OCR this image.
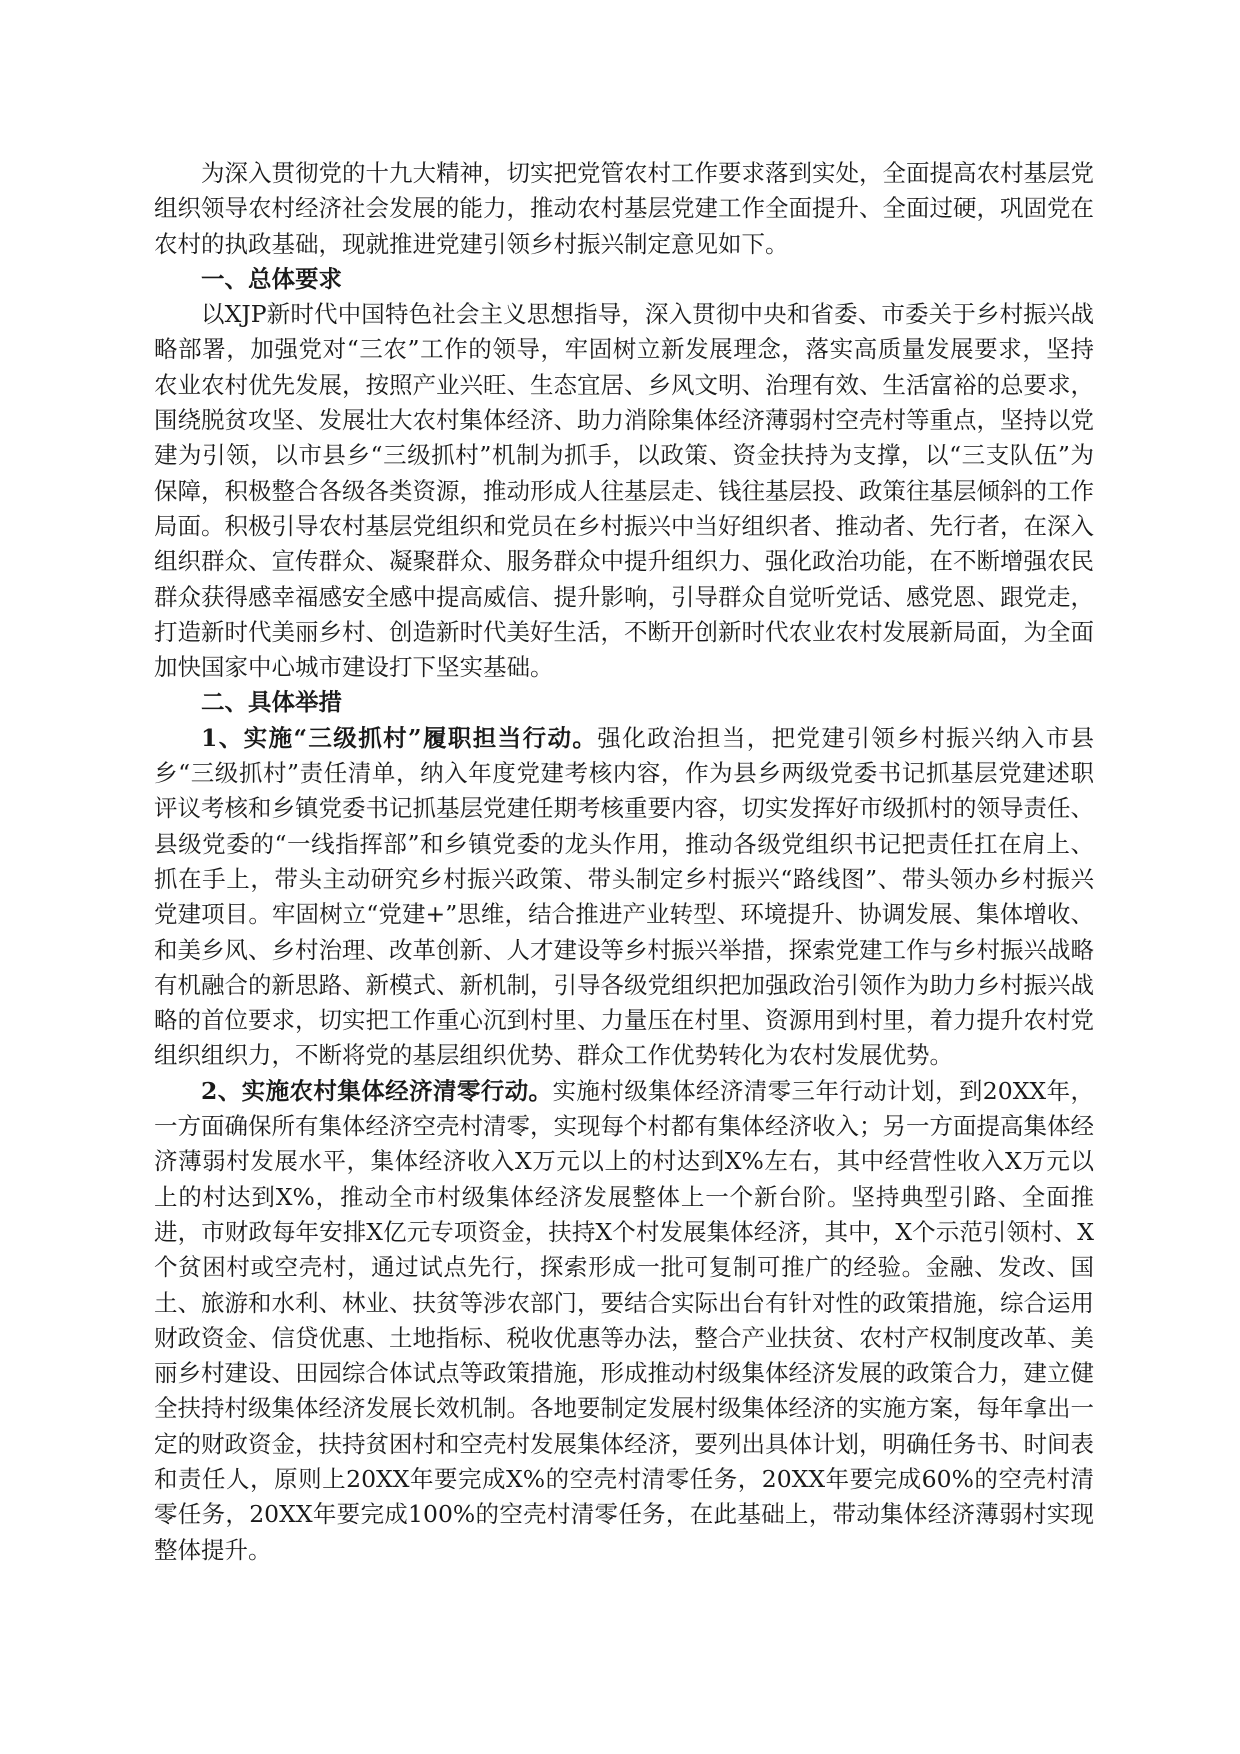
为深入贯彻党的十九大精神，切实把党管农村工作要求落到实处，全面提高农村基层党组织领导农村经济社会发展的能力，推动农村基层党建工作全面提升、全面过硬，巩固党在农村的执政基础，现就推进党建引领乡村振兴制定意见如下。

一、总体要求

以XJP新时代中国特色社会主义思想指导，深入贯彻中央和省委、市委关于乡村振兴战略部署，加强党对“三农”工作的领导，牢固树立新发展理念，落实高质量发展要求，坚持农业农村优先发展，按照产业兴旺、生态宜居、乡风文明、治理有效、生活富裕的总要求，围绕脱贫攻坚、发展壮大农村集体经济、助力消除集体经济薄弱村空壳村等重点，坚持以党建为引领，以市县乡“三级抓村”机制为抓手，以政策、资金扶持为支撑，以“三支队伍”为保障，积极整合各级各类资源，推动形成人往基层走、钱往基层投、政策往基层倾斜的工作局面。积极引导农村基层党组织和党员在乡村振兴中当好组织者、推动者、先行者，在深入组织群众、宣传群众、凝聚群众、服务群众中提升组织力、强化政治功能，在不断增强农民群众获得感幸福感安全感中提高威信、提升影响，引导群众自觉听党话、感党恩、跟党走，打造新时代美丽乡村、创造新时代美好生活，不断开创新时代农业农村发展新局面，为全面加快国家中心城市建设打下坚实基础。

二、具体举措

1、实施“三级抓村”履职担当行动。强化政治担当，把党建引领乡村振兴纳入市县乡“三级抓村”责任清单，纳入年度党建考核内容，作为县乡两级党委书记抓基层党建述职评议考核和乡镇党委书记抓基层党建任期考核重要内容，切实发挥好市级抓村的领导责任、县级党委的“一线指挥部”和乡镇党委的龙头作用，推动各级党组织书记把责任扛在肩上、抓在手上，带头主动研究乡村振兴政策、带头制定乡村振兴“路线图”、带头领办乡村振兴党建项目。牢固树立“党建+”思维，结合推进产业转型、环境提升、协调发展、集体增收、和美乡风、乡村治理、改革创新、人才建设等乡村振兴举措，探索党建工作与乡村振兴战略有机融合的新思路、新模式、新机制，引导各级党组织把加强政治引领作为助力乡村振兴战略的首位要求，切实把工作重心沉到村里、力量压在村里、资源用到村里，着力提升农村党组织组织力，不断将党的基层组织优势、群众工作优势转化为农村发展优势。

2、实施农村集体经济清零行动。实施村级集体经济清零三年行动计划，到20XX年，一方面确保所有集体经济空壳村清零，实现每个村都有集体经济收入；另一方面提高集体经济薄弱村发展水平，集体经济收入X万元以上的村达到X%左右，其中经营性收入X万元以上的村达到X%，推动全市村级集体经济发展整体上一个新台阶。坚持典型引路、全面推进，市财政每年安排X亿元专项资金，扶持X个村发展集体经济，其中，X个示范引领村、X个贫困村或空壳村，通过试点先行，探索形成一批可复制可推广的经验。金融、发改、国土、旅游和水利、林业、扶贫等涉农部门，要结合实际出台有针对性的政策措施，综合运用财政资金、信贷优惠、土地指标、税收优惠等办法，整合产业扶贫、农村产权制度改革、美丽乡村建设、田园综合体试点等政策措施，形成推动村级集体经济发展的政策合力，建立健全扶持村级集体经济发展长效机制。各地要制定发展村级集体经济的实施方案，每年拿出一定的财政资金，扶持贫困村和空壳村发展集体经济，要列出具体计划，明确任务书、时间表和责任人，原则上20XX年要完成X%的空壳村清零任务，20XX年要完成60%的空壳村清零任务，20XX年要完成100%的空壳村清零任务，在此基础上，带动集体经济薄弱村实现整体提升。
